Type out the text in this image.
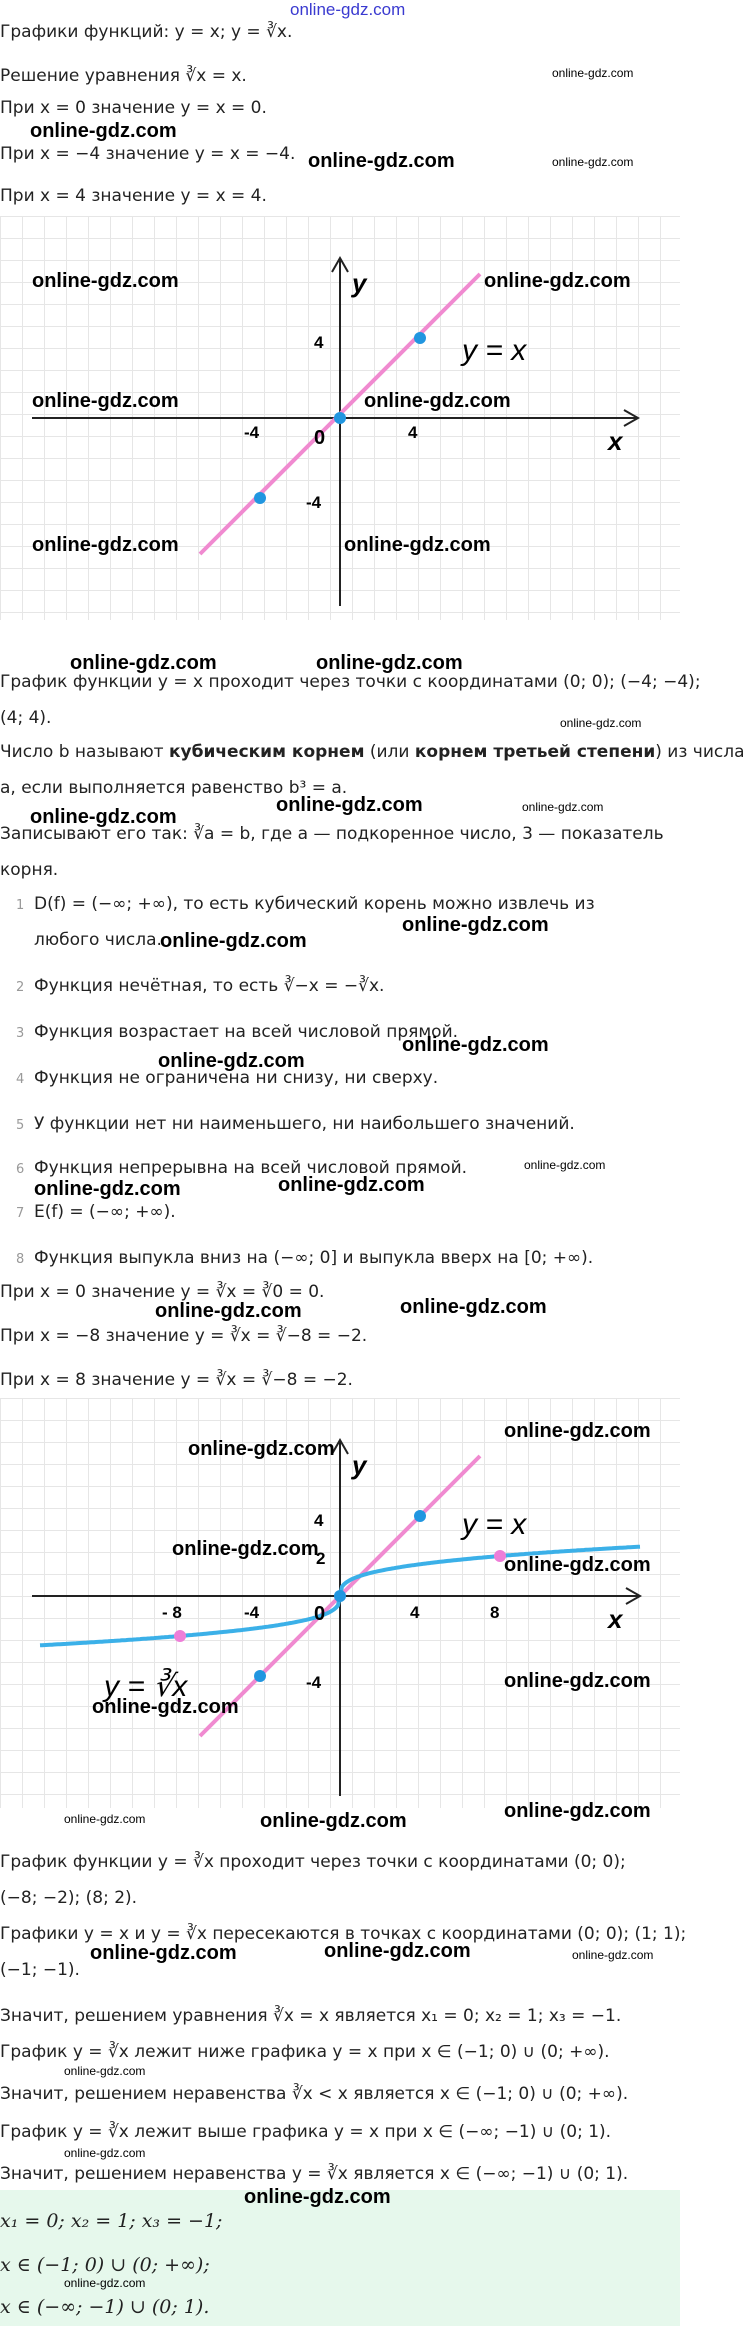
online-gdz.com
Графики функций: y = x; y = ∛x.
Решение уравнения ∛x = x.
При x = 0 значение y = x = 0.
При x = −4 значение y = x = −4.
При x = 4 значение y = x = 4.
online-gdz.com
online-gdz.com
online-gdz.com	online-gdz.com
y
x
0
-4	4
4
-4
y = x
online-gdz.com	online-gdz.com
online-gdz.com	online-gdz.com
online-gdz.com	online-gdz.com
online-gdz.com	online-gdz.com
График функции y = x проходит через точки с координатами (0; 0); (−4; −4);
(4; 4).	online-gdz.com
Число b называют кубическим корнем (или корнем третьей степени) из числа
a, если выполняется равенство b³ = a.
online-gdz.com	online-gdz.com
online-gdz.com
Записывают его так: ∛a = b, где a — подкоренное число, 3 — показатель
корня.
1 D(f) = (−∞; +∞), то есть кубический корень можно извлечь из
любого числа.
online-gdz.com
online-gdz.com
2 Функция нечётная, то есть ∛−x = −∛x.
3 Функция возрастает на всей числовой прямой.
online-gdz.com
4 Функция не ограничена ни снизу, ни сверху.
online-gdz.com
5 У функции нет ни наименьшего, ни наибольшего значений.
6 Функция непрерывна на всей числовой прямой.	online-gdz.com
online-gdz.com	online-gdz.com
7 E(f) = (−∞; +∞).
8 Функция выпукла вниз на (−∞; 0] и выпукла вверх на [0; +∞).
При x = 0 значение y = ∛x = ∛0 = 0.
online-gdz.com	online-gdz.com
При x = −8 значение y = ∛x = ∛−8 = −2.
При x = 8 значение y = ∛x = ∛−8 = −2.
y
x
0
- 8	-4	4	8
4
2
-4
y = x
y = ∛x
online-gdz.com
online-gdz.com
online-gdz.com
online-gdz.com
online-gdz.com
online-gdz.com
online-gdz.com	online-gdz.com	online-gdz.com
График функции y = ∛x проходит через точки с координатами (0; 0);
(−8; −2); (8; 2).
Графики y = x и y = ∛x пересекаются в точках с координатами (0; 0); (1; 1);
online-gdz.com	online-gdz.com	online-gdz.com
(−1; −1).
Значит, решением уравнения ∛x = x является x₁ = 0; x₂ = 1; x₃ = −1.
График y = ∛x лежит ниже графика y = x при x ∈ (−1; 0) ∪ (0; +∞).
online-gdz.com
Значит, решением неравенства ∛x < x является x ∈ (−1; 0) ∪ (0; +∞).
График y = ∛x лежит выше графика y = x при x ∈ (−∞; −1) ∪ (0; 1).
online-gdz.com
Значит, решением неравенства y = ∛x является x ∈ (−∞; −1) ∪ (0; 1).
x₁ = 0; x₂ = 1; x₃ = −1;
x ∈ (−1; 0) ∪ (0; +∞);
x ∈ (−∞; −1) ∪ (0; 1).
online-gdz.com
online-gdz.com
